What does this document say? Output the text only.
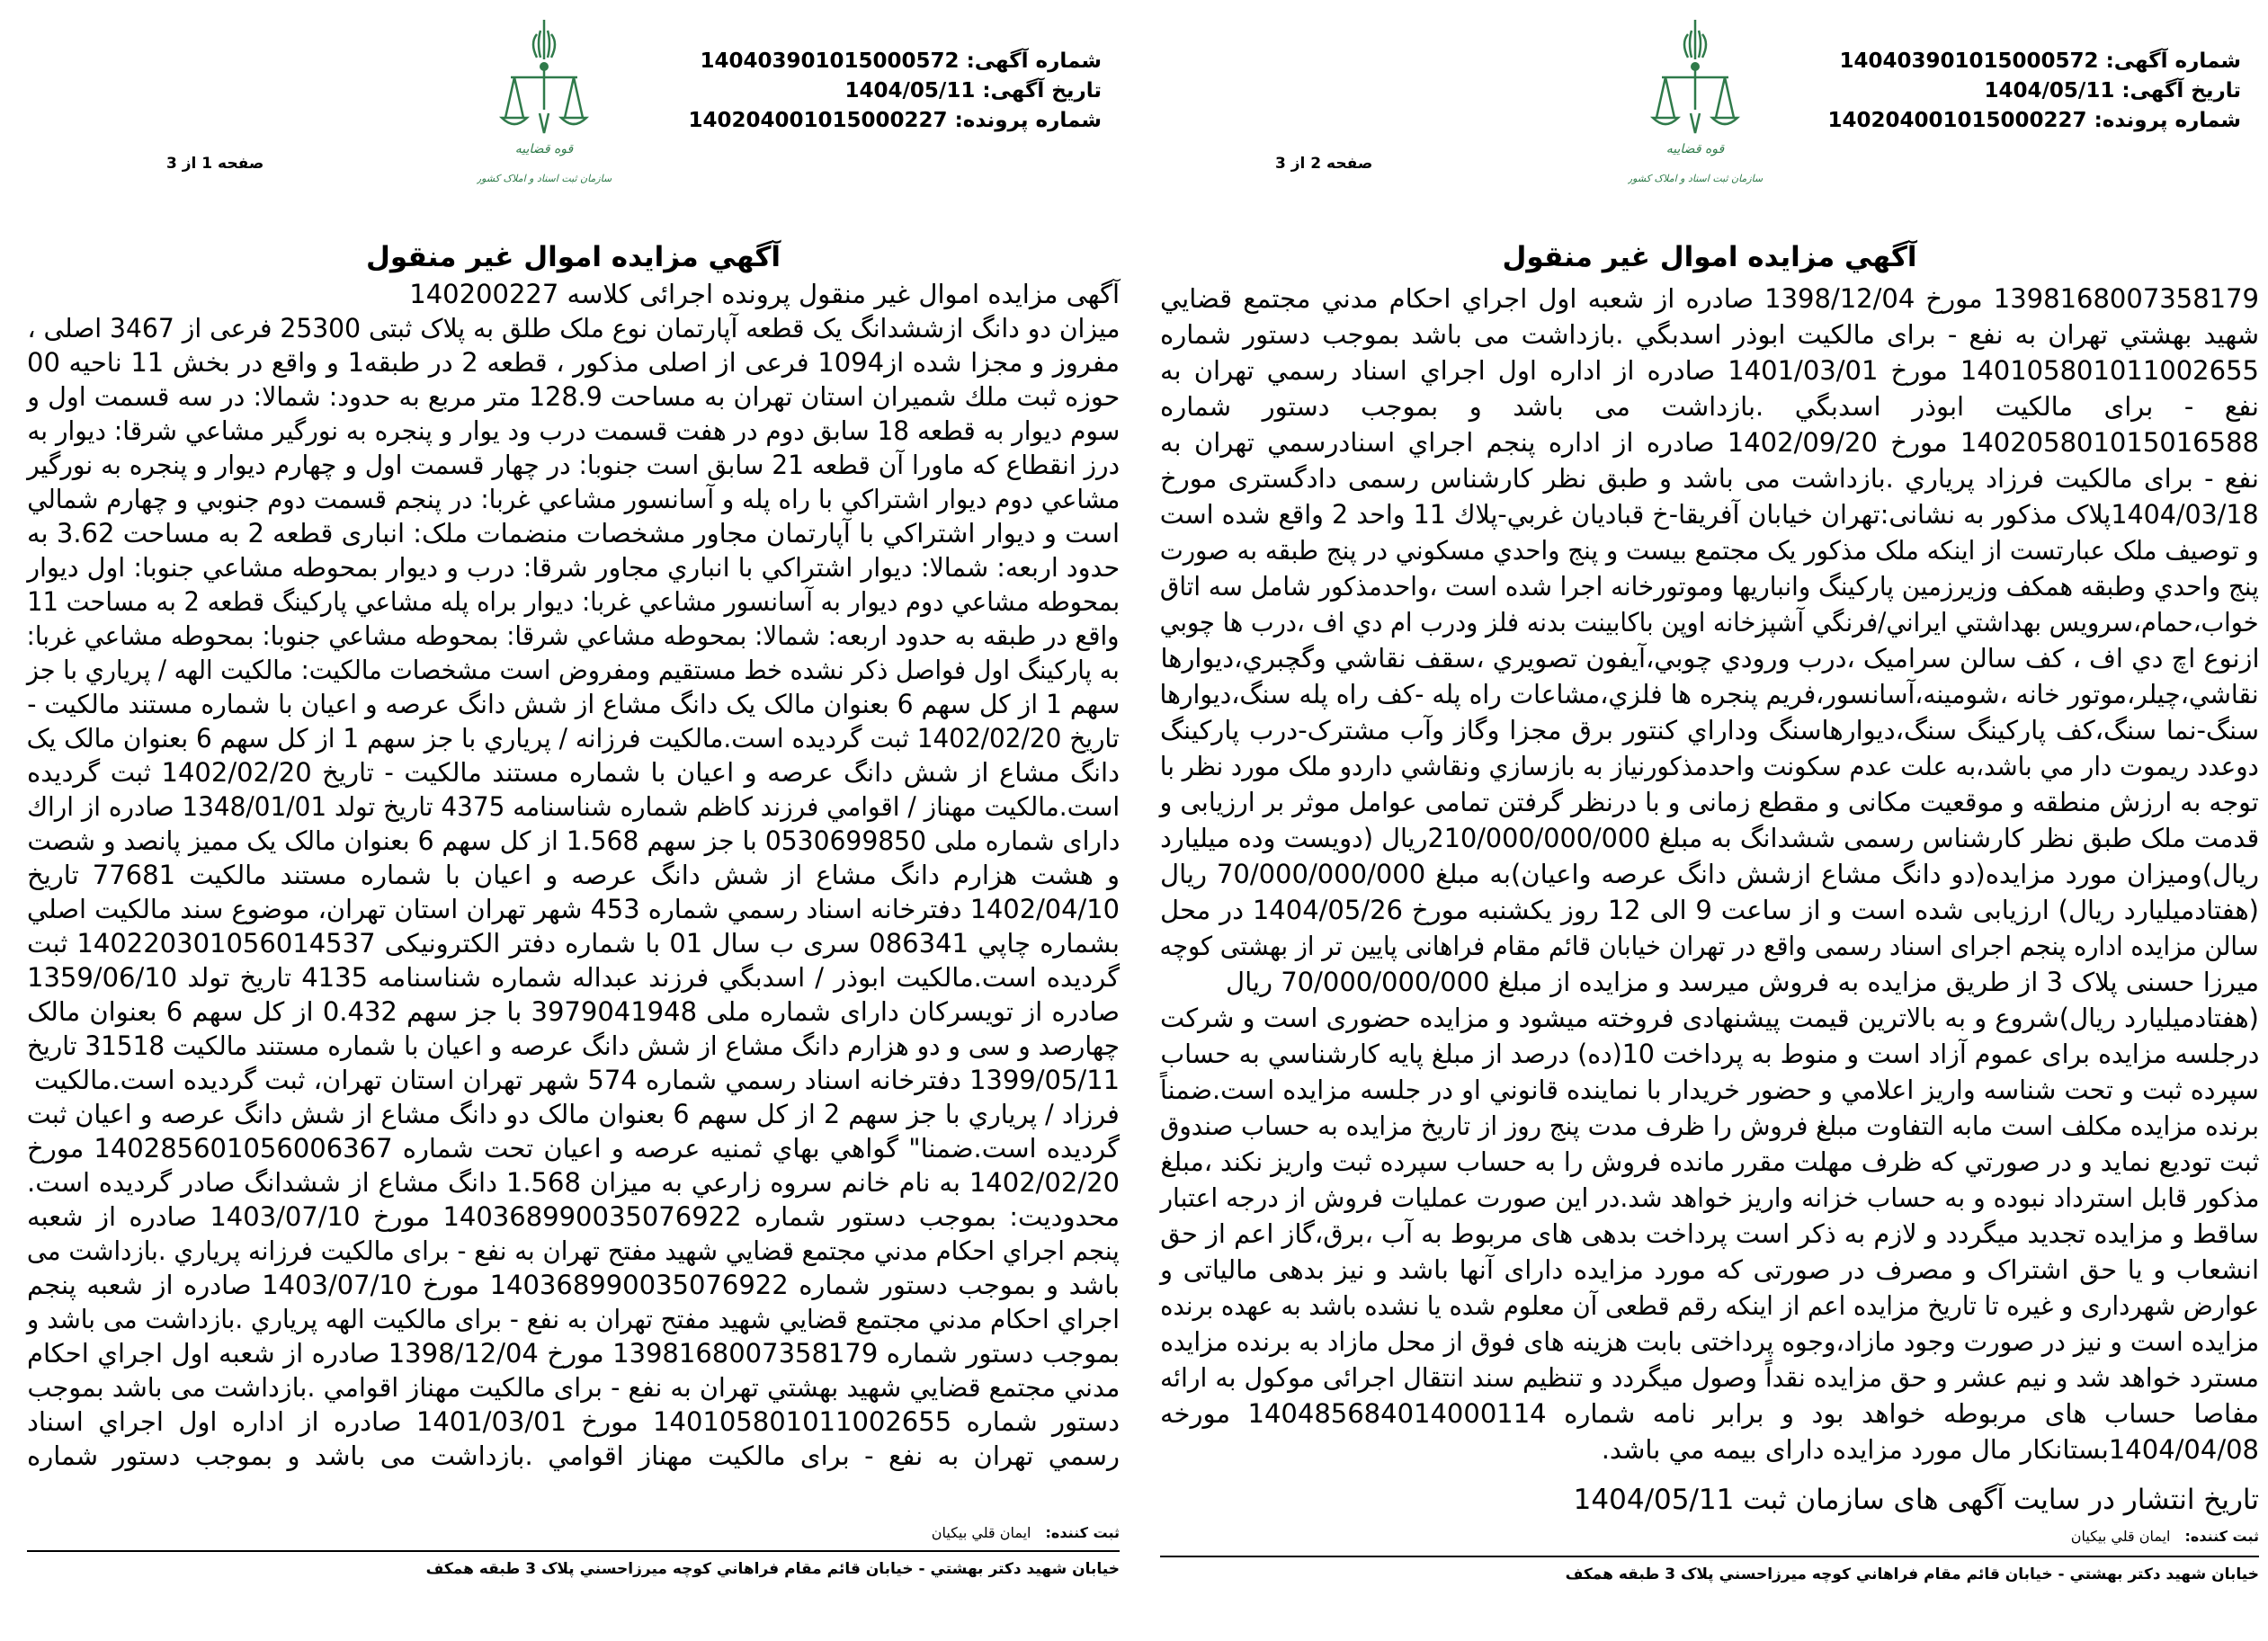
شماره آگهی: 140403901015000572
تاریخ آگهی: 1404/05/11
شماره پرونده: 140204001015000227
قوه قضاییه
سازمان ثبت اسناد و املاک کشور
صفحه 2 از 3
آگهي مزايده اموال غير منقول
1398168007358179 مورخ 1398/12/04 صادره از شعبه اول اجراي احكام مدني مجتمع قضايي
شهيد بهشتي تهران به نفع - براى مالكيت ابوذر اسدبگي .بازداشت مى باشد بموجب دستور شماره
140105801011002655 مورخ 1401/03/01 صادره از اداره اول اجراي اسناد رسمي تهران به
نفع - براى مالكيت ابوذر اسدبگي .بازداشت مى باشد و بموجب دستور شماره
140205801015016588 مورخ 1402/09/20 صادره از اداره پنجم اجراي اسنادرسمي تهران به
نفع - براى مالكيت فرزاد پرياري .بازداشت مى باشد و طبق نظر كارشناس رسمى دادگسترى مورخ
1404/03/18پلاک مذکور به نشانی:تهران خيابان آفريقا-خ قباديان غربي-پلاك 11 واحد 2 واقع شده است
و توصيف ملک عبارتست از اينکه ملک مذکور يک مجتمع بيست و پنج واحدي مسكوني در پنج طبقه به صورت
پنج واحدي وطبقه همكف وزيرزمين پاركينگ وانباريها وموتورخانه اجرا شده است ،واحدمذكور شامل سه اتاق
خواب،حمام،سرويس بهداشتي ايراني/فرنگي آشپزخانه اوپن باكابينت بدنه فلز ودرب ام دي اف ،درب ها چوبي
ازنوع اچ دي اف ، كف سالن سراميک ،درب ورودي چوبي،آيفون تصويري ،سقف نقاشي وگچبري،ديوارها
نقاشي،چيلر،موتور خانه ،شومينه،آسانسور،فريم پنجره ها فلزي،مشاعات راه پله -كف راه پله سنگ،ديوارها
سنگ-نما سنگ،كف پاركينگ سنگ،ديوارهاسنگ وداراي كنتور برق مجزا وگاز وآب مشترک-درب پاركينگ
دوعدد ريموت دار مي باشد،به علت عدم سكونت واحدمذكورنياز به بازسازي ونقاشي داردو ملک مورد نظر با
توجه به ارزش منطقه و موقعيت مكانى و مقطع زمانى و با درنظر گرفتن تمامى عوامل موثر بر ارزيابى و
قدمت ملک طبق نظر كارشناس رسمى ششدانگ به مبلغ 210/000/000/000ريال (دويست وده ميليارد
ريال)وميزان مورد مزايده(دو دانگ مشاع ازشش دانگ عرصه واعيان)به مبلغ 70/000/000/000 ريال
(هفتادميليارد ريال) ارزيابى شده است و از ساعت 9 الى 12 روز يكشنبه مورخ 1404/05/26 در محل
سالن مزايده اداره پنجم اجراى اسناد رسمى واقع در تهران خيابان قائم مقام فراهانى پايين تر از بهشتى كوچه
ميرزا حسنى پلاک 3 از طريق مزايده به فروش ميرسد و مزايده از مبلغ 70/000/000/000 ريال
(هفتادميليارد ريال)شروع و به بالاترين قيمت پيشنهادى فروخته ميشود و مزايده حضورى است و شركت
درجلسه مزايده براى عموم آزاد است و منوط به پرداخت 10(ده) درصد از مبلغ پايه كارشناسي به حساب
سپرده ثبت و تحت شناسه واريز اعلامي و حضور خريدار با نماينده قانوني او در جلسه مزايده است.ضمناً
برنده مزايده مكلف است مابه التفاوت مبلغ فروش را ظرف مدت پنج روز از تاريخ مزايده به حساب صندوق
ثبت توديع نمايد و در صورتي كه ظرف مهلت مقرر مانده فروش را به حساب سپرده ثبت واريز نكند ،مبلغ
مذكور قابل استرداد نبوده و به حساب خزانه واريز خواهد شد.در اين صورت عمليات فروش از درجه اعتبار
ساقط و مزايده تجديد ميگردد و لازم به ذكر است پرداخت بدهى هاى مربوط به آب ،برق،گاز اعم از حق
انشعاب و يا حق اشتراک و مصرف در صورتى كه مورد مزايده داراى آنها باشد و نيز بدهى مالياتى و
عوارض شهردارى و غيره تا تاريخ مزايده اعم از اينكه رقم قطعى آن معلوم شده يا نشده باشد به عهده برنده
مزايده است و نيز در صورت وجود مازاد،وجوه پرداختى بابت هزينه هاى فوق از محل مازاد به برنده مزايده
مسترد خواهد شد و نيم عشر و حق مزايده نقداً وصول ميگردد و تنظيم سند انتقال اجرائى موكول به ارائه
مفاصا حساب هاى مربوطه خواهد بود و برابر نامه شماره 140485684014000114 مورخه
1404/04/08بستانكار مال مورد مزايده داراى بيمه مي باشد.
تاريخ انتشار در سايت آگهى هاى سازمان ثبت 1404/05/11
ثبت كننده:ايمان قلي بيكيان
خيابان شهيد دكتر بهشتي - خيابان قائم مقام فراهاني كوچه ميرزاحسني پلاک 3 طبقه همكف
شماره آگهی: 140403901015000572
تاریخ آگهی: 1404/05/11
شماره پرونده: 140204001015000227
قوه قضاییه
سازمان ثبت اسناد و املاک کشور
صفحه 1 از 3
آگهي مزايده اموال غير منقول
آگهى مزايده اموال غير منقول پرونده اجرائى كلاسه 140200227
ميزان دو دانگ ازششدانگ يک قطعه آپارتمان نوع ملک طلق به پلاک ثبتى 25300 فرعى از 3467 اصلى ،
مفروز و مجزا شده از1094 فرعى از اصلى مذكور ، قطعه 2 در طبقه1 و واقع در بخش 11 ناحيه 00
حوزه ثبت ملك شميران استان تهران به مساحت 128.9 متر مربع به حدود: شمالا: در سه قسمت اول و
سوم ديوار به قطعه 18 سابق دوم در هفت قسمت درب ود يوار و پنجره به نورگير مشاعي شرقا: ديوار به
درز انقطاع كه ماورا آن قطعه 21 سابق است جنوبا: در چهار قسمت اول و چهارم ديوار و پنجره به نورگير
مشاعي دوم ديوار اشتراكي با راه پله و آسانسور مشاعي غربا: در پنجم قسمت دوم جنوبي و چهارم شمالي
است و ديوار اشتراكي با آپارتمان مجاور مشخصات منضمات ملک: انبارى قطعه 2 به مساحت 3.62 به
حدود اربعه: شمالا: ديوار اشتراكي با انباري مجاور شرقا: درب و ديوار بمحوطه مشاعي جنوبا: اول ديوار
بمحوطه مشاعي دوم ديوار به آسانسور مشاعي غربا: ديوار براه پله مشاعي پاركينگ قطعه 2 به مساحت 11
واقع در طبقه به حدود اربعه: شمالا: بمحوطه مشاعي شرقا: بمحوطه مشاعي جنوبا: بمحوطه مشاعي غربا:
به پاركينگ اول فواصل ذكر نشده خط مستقيم ومفروض است مشخصات مالكيت: مالكيت الهه / پرياري با جز
سهم 1 از كل سهم 6 بعنوان مالک يک دانگ مشاع از شش دانگ عرصه و اعيان با شماره مستند مالكيت -
تاريخ 1402/02/20 ثبت گرديده است.مالكيت فرزانه / پرياري با جز سهم 1 از كل سهم 6 بعنوان مالک يک
دانگ مشاع از شش دانگ عرصه و اعيان با شماره مستند مالكيت - تاريخ 1402/02/20 ثبت گرديده
است.مالكيت مهناز / اقوامي فرزند كاظم شماره شناسنامه 4375 تاريخ تولد 1348/01/01 صادره از اراك
داراى شماره ملى 0530699850 با جز سهم 1.568 از كل سهم 6 بعنوان مالک يک مميز پانصد و شصت
و هشت هزارم دانگ مشاع از شش دانگ عرصه و اعيان با شماره مستند مالكيت 77681 تاريخ
1402/04/10 دفترخانه اسناد رسمي شماره 453 شهر تهران استان تهران، موضوع سند مالكيت اصلي
بشماره چاپي 086341 سرى ب سال 01 با شماره دفتر الكترونيكى 140220301056014537 ثبت
گرديده است.مالكيت ابوذر / اسدبگي فرزند عبداله شماره شناسنامه 4135 تاريخ تولد 1359/06/10
صادره از تويسركان داراى شماره ملى 3979041948 با جز سهم 0.432 از كل سهم 6 بعنوان مالک
چهارصد و سى و دو هزارم دانگ مشاع از شش دانگ عرصه و اعيان با شماره مستند مالكيت 31518 تاريخ
1399/05/11 دفترخانه اسناد رسمي شماره 574 شهر تهران استان تهران، ثبت گرديده است.مالكيت
فرزاد / پرياري با جز سهم 2 از كل سهم 6 بعنوان مالک دو دانگ مشاع از شش دانگ عرصه و اعيان ثبت
گرديده است.ضمنا" گواهي بهاي ثمنيه عرصه و اعيان تحت شماره 140285601056006367 مورخ
1402/02/20 به نام خانم سروه زارعي به ميزان 1.568 دانگ مشاع از ششدانگ صادر گرديده است.
محدوديت: بموجب دستور شماره 140368990035076922 مورخ 1403/07/10 صادره از شعبه
پنجم اجراي احكام مدني مجتمع قضايي شهيد مفتح تهران به نفع - براى مالكيت فرزانه پرياري .بازداشت مى
باشد و بموجب دستور شماره 140368990035076922 مورخ 1403/07/10 صادره از شعبه پنجم
اجراي احكام مدني مجتمع قضايي شهيد مفتح تهران به نفع - براى مالكيت الهه پرياري .بازداشت مى باشد و
بموجب دستور شماره 1398168007358179 مورخ 1398/12/04 صادره از شعبه اول اجراي احكام
مدني مجتمع قضايي شهيد بهشتي تهران به نفع - براى مالكيت مهناز اقوامي .بازداشت مى باشد بموجب
دستور شماره 140105801011002655 مورخ 1401/03/01 صادره از اداره اول اجراي اسناد
رسمي تهران به نفع - براى مالكيت مهناز اقوامي .بازداشت مى باشد و بموجب دستور شماره
ثبت كننده:ايمان قلي بيكيان
خيابان شهيد دكتر بهشتي - خيابان قائم مقام فراهاني كوچه ميرزاحسني پلاک 3 طبقه همكف
